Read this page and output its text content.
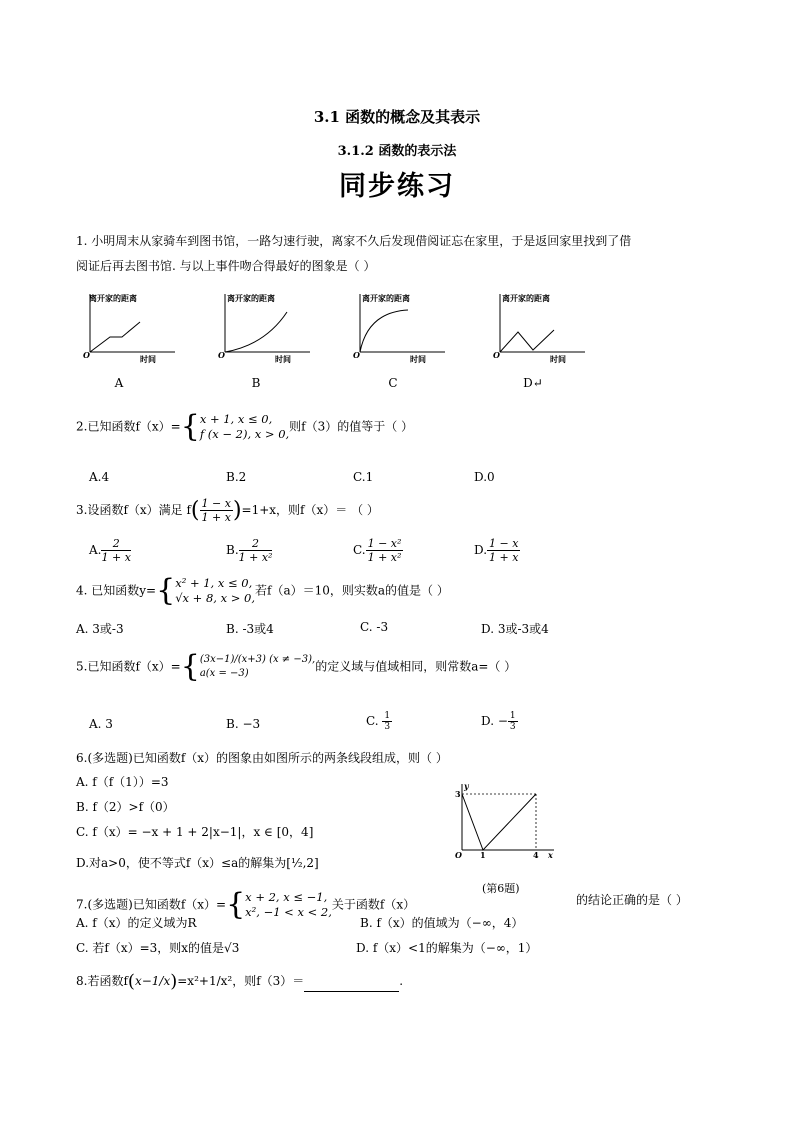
3.1 函数的概念及其表示
3.1.2 函数的表示法
同步练习
1. 小明周末从家骑车到图书馆，一路匀速行驶，离家不久后发现借阅证忘在家里，于是返回家里找到了借
阅证后再去图书馆. 与以上事件吻合得最好的图象是（ ）
离开家的距离
时间
O
A
离开家的距离
时间
O
B
离开家的距离
时间
O
C
离开家的距离
时间
O
D↵
2.已知函数f（x）={ x + 1, x ≤ 0,
f (x − 2), x > 0,
则f（3）的值等于（ ）
A.4	B.2	C.1	D.0
3.设函数f（x）满足 $f( \frac{1 - x}{1 + x} )=1+x$，则f（x）＝ （ ）
A. $\frac{2}{1 + x}$	B. $\frac{2}{\text{1 + x²}}$	C. $\frac{\text{1 − x²}}{\text{1 + x²}}$	D. $\frac{1 - x}{1 + x}$
4. 已知函数y={ x² + 1, x ≤ 0,
√x + 8, x > 0,
若f（a）＝10，则实数a的值是（ ）
A. 3或-3	B. -3或4	C. -3	D. 3或-3或4
5.已知函数f（x）={ (3x−1)/(x+3) (x ≠ −3),
a(x = −3)	的定义域与值域相同，则常数a=（ ）
A. 3	B. −3	C. $\frac{1}{3}$	D. − $\frac{1}{3}$
6.(多选题)已知函数f（x）的图象由如图所示的两条线段组成，则（ ）
A. f（f（1））=3
B. f（2）>f（0）
C. f（x）= −x + 1 + 2|x−1|，x ∈ [0，4]
D.对a>0，使不等式f（x）≤a的解集为[½,2]
y
x
O
3
1	4
(第6题)
7.(多选题)已知函数f（x）={ x + 2, x ≤ −1,
x², −1 < x < 2,
关于函数f（x）	的结论正确的是（ ）
A. f（x）的定义域为R	B. f（x）的值域为（−∞，4）
C. 若f（x）=3，则x的值是√3	D. f（x）<1的解集为（−∞，1）
8.若函数f(x−1/x)=x²+1/x²，则f（3）＝	.
